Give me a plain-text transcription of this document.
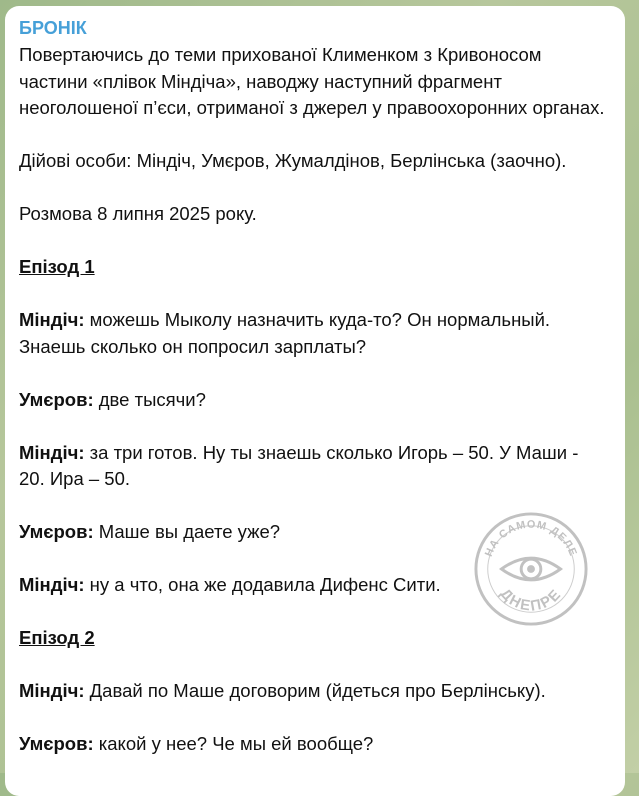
БРОНІК

Повертаючись до теми прихованої Клименком з Кривоносом частини «плівок Міндіча», наводжу наступний фрагмент неоголошеної п’єси, отриманої з джерел у правоохоронних органах.

Дійові особи: Міндіч, Умєров, Жумалдінов, Берлінська (заочно).

Розмова 8 липня 2025 року.

Епізод 1

Міндіч: можешь Мыколу назначить куда-то? Он нормальный. Знаешь сколько он попросил зарплаты?

Умєров: две тысячи?

Міндіч: за три готов. Ну ты знаешь сколько Игорь – 50. У Маши - 20. Ира – 50.

Умєров: Маше вы даете уже?

Міндіч: ну а что, она же додавила Дифенс Сити.

Епізод 2

Міндіч: Давай по Маше договорим (йдеться про Берлінську).

Умєров: какой у нее? Че мы ей вообще?

НА САМОМ ДЕЛЕ
ДНЕПРЕ
